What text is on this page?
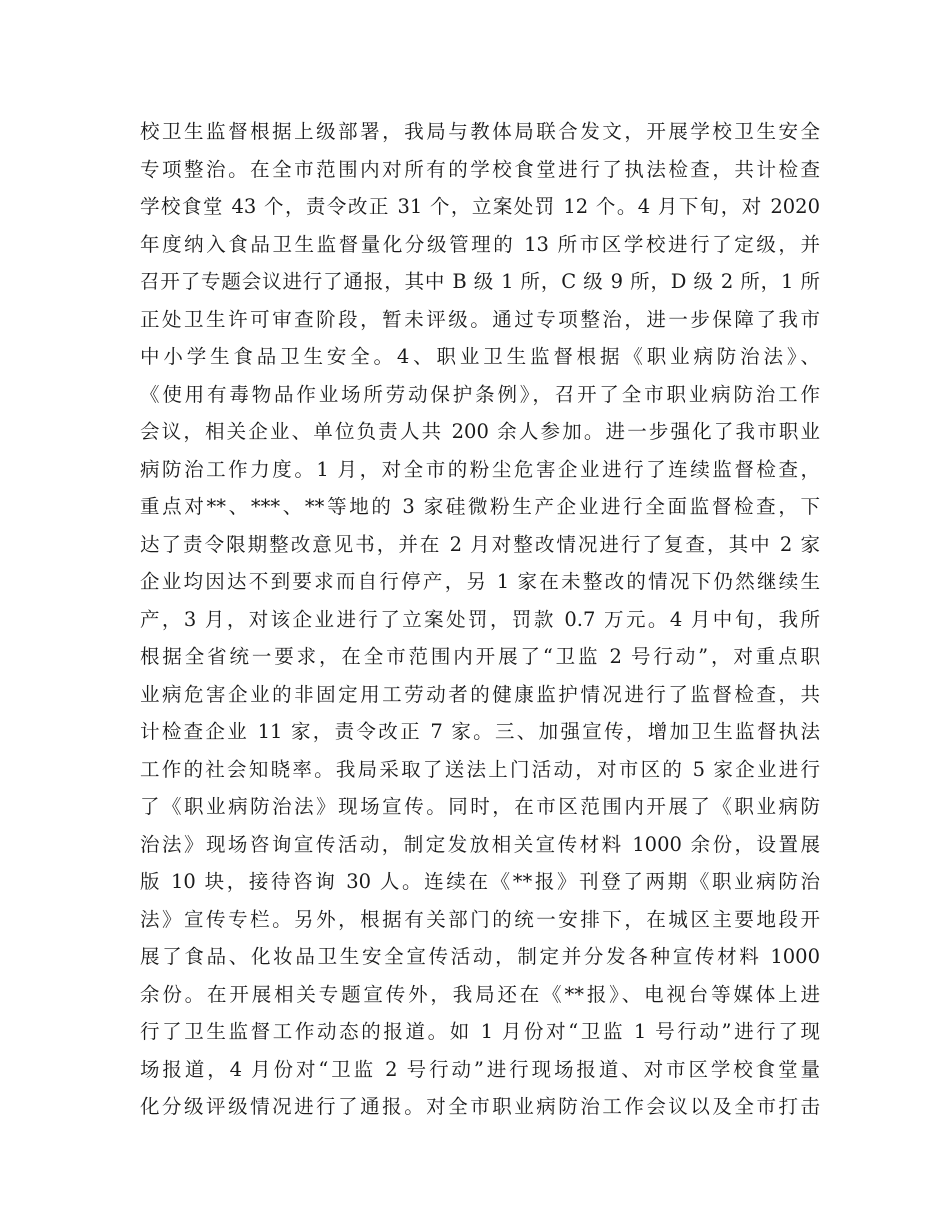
校卫生监督根据上级部署，我局与教体局联合发文，开展学校卫生安全
专项整治。在全市范围内对所有的学校食堂进行了执法检查，共计检查
学校食堂 43 个，责令改正 31 个，立案处罚 12 个。4 月下旬，对 2020
年度纳入食品卫生监督量化分级管理的 13 所市区学校进行了定级，并
召开了专题会议进行了通报，其中 B 级 1 所，C 级 9 所，D 级 2 所，1 所
正处卫生许可审查阶段，暂未评级。通过专项整治，进一步保障了我市
中小学生食品卫生安全。4、职业卫生监督根据《职业病防治法》、
《使用有毒物品作业场所劳动保护条例》，召开了全市职业病防治工作
会议，相关企业、单位负责人共 200 余人参加。进一步强化了我市职业
病防治工作力度。1 月，对全市的粉尘危害企业进行了连续监督检查，
重点对**、***、**等地的 3 家硅微粉生产企业进行全面监督检查，下
达了责令限期整改意见书，并在 2 月对整改情况进行了复查，其中 2 家
企业均因达不到要求而自行停产，另 1 家在未整改的情况下仍然继续生
产，3 月，对该企业进行了立案处罚，罚款 0.7 万元。4 月中旬，我所
根据全省统一要求，在全市范围内开展了“卫监 2 号行动”，对重点职
业病危害企业的非固定用工劳动者的健康监护情况进行了监督检查，共
计检查企业 11 家，责令改正 7 家。三、加强宣传，增加卫生监督执法
工作的社会知晓率。我局采取了送法上门活动，对市区的 5 家企业进行
了《职业病防治法》现场宣传。同时，在市区范围内开展了《职业病防
治法》现场咨询宣传活动，制定发放相关宣传材料 1000 余份，设置展
版 10 块，接待咨询 30 人。连续在《**报》刊登了两期《职业病防治
法》宣传专栏。另外，根据有关部门的统一安排下，在城区主要地段开
展了食品、化妆品卫生安全宣传活动，制定并分发各种宣传材料 1000
余份。在开展相关专题宣传外，我局还在《**报》、电视台等媒体上进
行了卫生监督工作动态的报道。如 1 月份对“卫监 1 号行动”进行了现
场报道，4 月份对“卫监 2 号行动”进行现场报道、对市区学校食堂量
化分级评级情况进行了通报。对全市职业病防治工作会议以及全市打击
